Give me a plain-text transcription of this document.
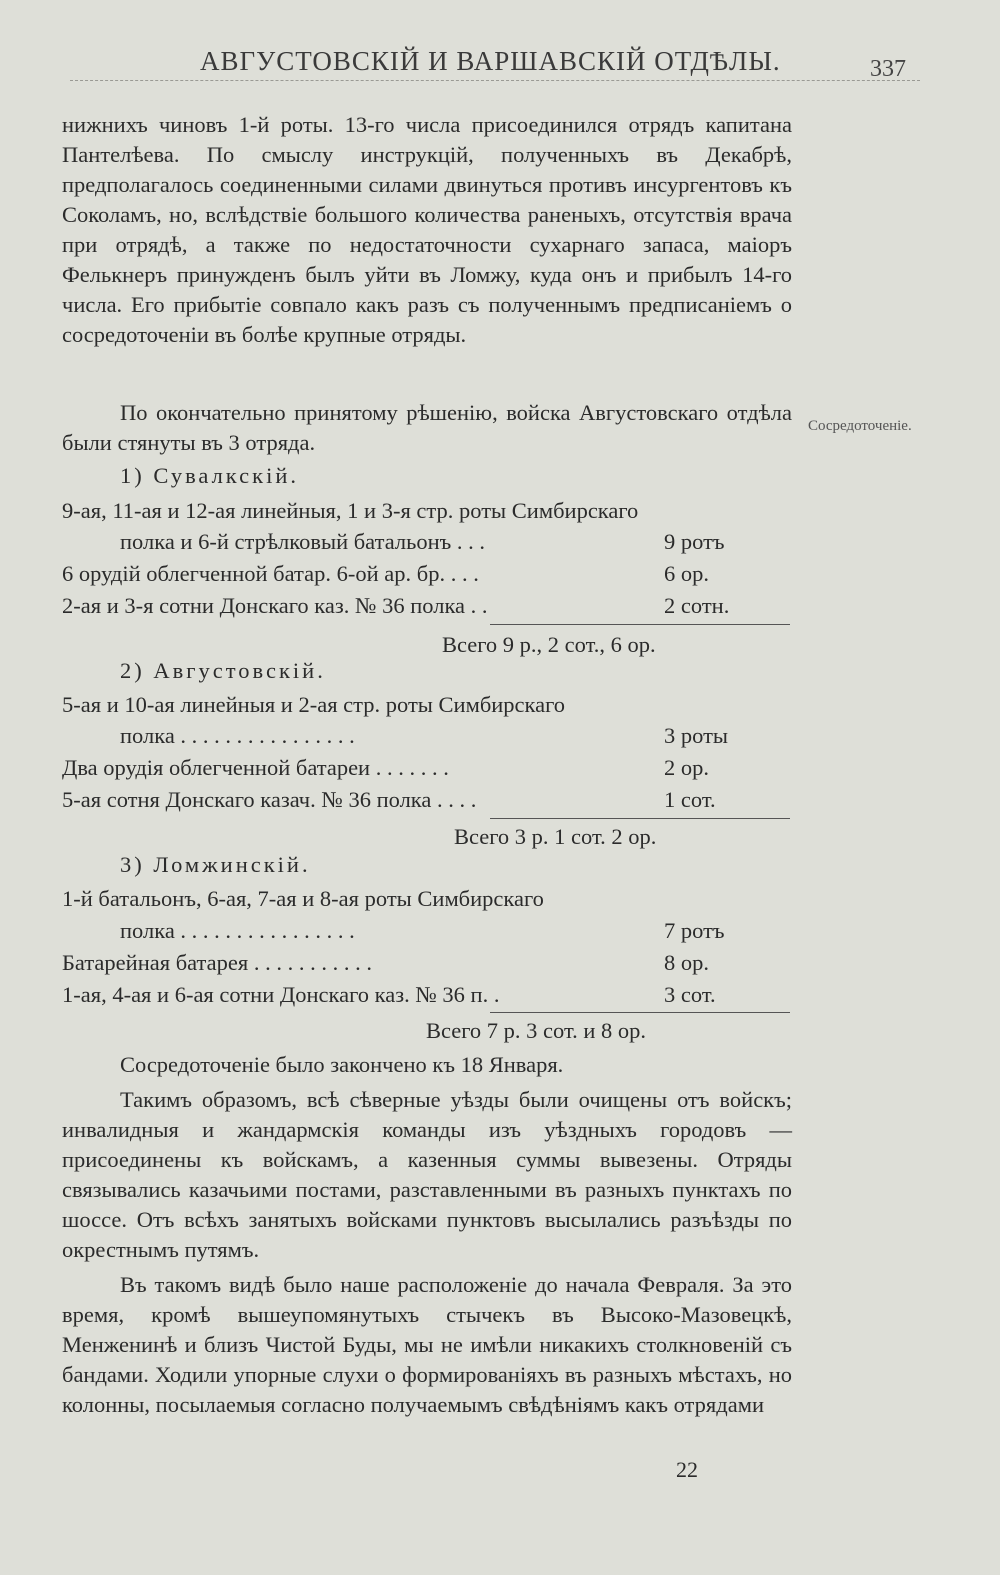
АВГУСТОВСКІЙ И ВАРШАВСКІЙ ОТДѢЛЫ.	337
нижнихъ чиновъ 1-й роты. 13-го числа присоединился отрядъ капитана Пантелѣева. По смыслу инструкцій, полученныхъ въ Декабрѣ, предполагалось соединенными силами двинуться противъ инсургентовъ къ Соколамъ, но, вслѣдствіе большого количества раненыхъ, отсутствія врача при отрядѣ, а также по недостаточности сухарнаго запаса, маіоръ Фелькнеръ принужденъ былъ уйти въ Ломжу, куда онъ и прибылъ 14-го числа. Его прибытіе совпало какъ разъ съ полученнымъ предписаніемъ о сосредоточеніи въ болѣе крупные отряды.
По окончательно принятому рѣшенію, войска Августовскаго отдѣла были стянуты въ 3 отряда.
Сосредоточеніе.
1) Сувалкскій.
9-ая, 11-ая и 12-ая линейныя, 1 и 3-я стр. роты Симбирскаго
полка и 6-й стрѣлковый батальонъ . . .	9 ротъ
6 орудій облегченной батар. 6-ой ар. бр. . . .	6 ор.
2-ая и 3-я сотни Донскаго каз. № 36 полка . .	2 сотн.
Всего 9 р., 2 сот., 6 ор.
2) Августовскій.
5-ая и 10-ая линейныя и 2-ая стр. роты Симбирскаго
полка . . . . . . . . . . . . . . . .	3 роты
Два орудія облегченной батареи . . . . . . .	2 ор.
5-ая сотня Донскаго казач. № 36 полка . . . .	1 сот.
Всего 3 р. 1 сот. 2 ор.
3) Ломжинскій.
1-й батальонъ, 6-ая, 7-ая и 8-ая роты Симбирскаго
полка . . . . . . . . . . . . . . . .	7 ротъ
Батарейная батарея . . . . . . . . . . .	8 ор.
1-ая, 4-ая и 6-ая сотни Донскаго каз. № 36 п. .	3 сот.
Всего 7 р. 3 сот. и 8 ор.
Сосредоточеніе было закончено къ 18 Января.
Такимъ образомъ, всѣ сѣверные уѣзды были очищены отъ войскъ; инвалидныя и жандармскія команды изъ уѣздныхъ городовъ — присоединены къ войскамъ, а казенныя суммы вывезены. Отряды связывались казачьими постами, разставленными въ разныхъ пунктахъ по шоссе. Отъ всѣхъ занятыхъ войсками пунктовъ высылались разъѣзды по окрестнымъ путямъ.
Въ такомъ видѣ было наше расположеніе до начала Февраля. За это время, кромѣ вышеупомянутыхъ стычекъ въ Высоко-Мазовецкѣ, Менженинѣ и близъ Чистой Буды, мы не имѣли никакихъ столкновеній съ бандами. Ходили упорные слухи о формированіяхъ въ разныхъ мѣстахъ, но колонны, посылаемыя согласно получаемымъ свѣдѣніямъ какъ отрядами
22
